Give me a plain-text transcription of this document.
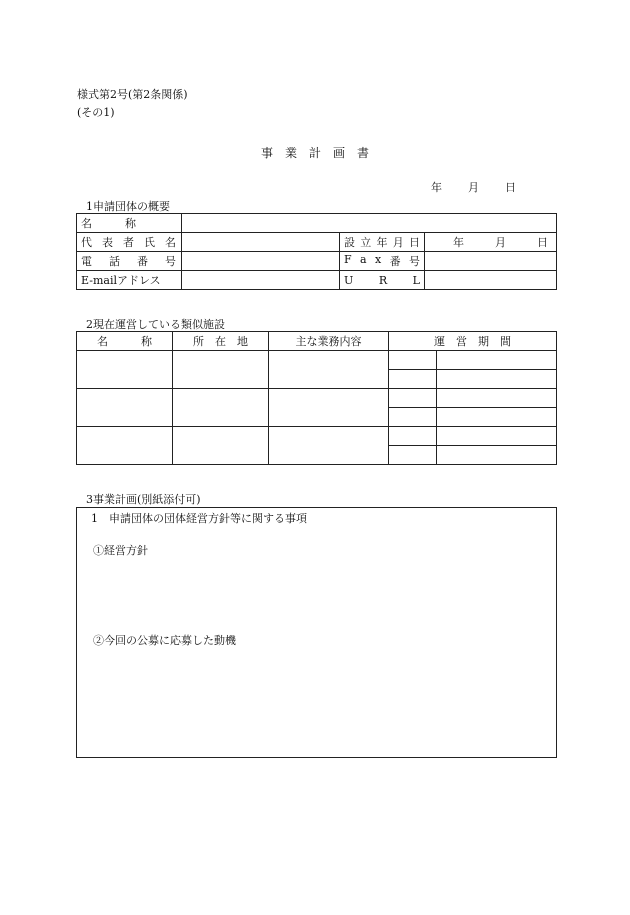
様式第2号(第2条関係)
(その1)
事業計画書
年 月 日
1申請団体の概要
名　　　称			

代 表 者 氏 名		設 立 年 月 日	年 月 日

電 話 番 号		F a x 番 号	

E-mailアドレス		U R L	

2現在運営している類似施設
名　　　称	所　在　地	主な業務内容	運　営　期　間	

3事業計画(別紙添付可)
1　申請団体の団体経営方針等に関する事項
①経営方針
②今回の公募に応募した動機
